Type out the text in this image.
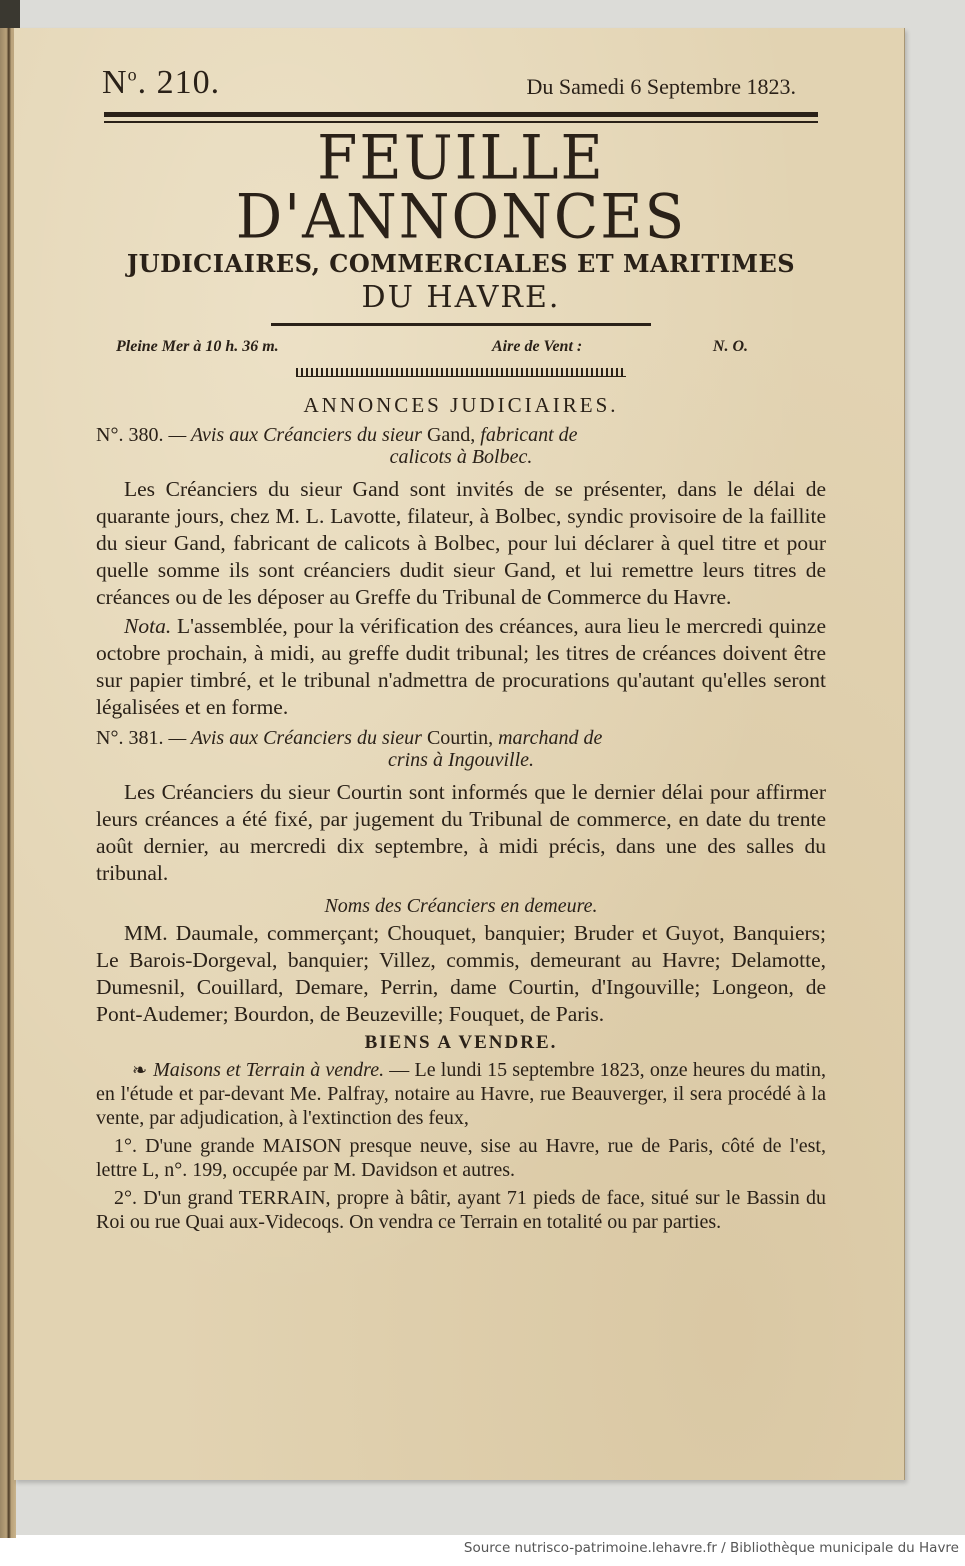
$N^o$. 210.	Du Samedi 6 Septembre 1823.
FEUILLE D'ANNONCES
JUDICIAIRES, COMMERCIALES ET MARITIMES
DU HAVRE.
Pleine Mer à 10 h. 36 m.	Aire de Vent :	N. O.
ANNONCES JUDICIAIRES.
N°. 380. — Avis aux Créanciers du sieur Gand, fabricant de
calicots à Bolbec.

Les Créanciers du sieur Gand sont invités de se présenter, dans le délai de quarante jours, chez M. L. Lavotte, filateur, à Bolbec, syndic provisoire de la faillite du sieur Gand, fabricant de calicots à Bolbec, pour lui déclarer à quel titre et pour quelle somme ils sont créanciers dudit sieur Gand, et lui remettre leurs titres de créances ou de les déposer au Greffe du Tribunal de Commerce du Havre.

Nota. L'assemblée, pour la vérification des créances, aura lieu le mercredi quinze octobre prochain, à midi, au greffe dudit tribunal; les titres de créances doivent être sur papier timbré, et le tribunal n'admettra de procurations qu'autant qu'elles seront légalisées et en forme.

N°. 381. — Avis aux Créanciers du sieur Courtin, marchand de
crins à Ingouville.

Les Créanciers du sieur Courtin sont informés que le dernier délai pour affirmer leurs créances a été fixé, par jugement du Tribunal de commerce, en date du trente août dernier, au mercredi dix septembre, à midi précis, dans une des salles du tribunal.

Noms des Créanciers en demeure.

MM. Daumale, commerçant; Chouquet, banquier; Bruder et Guyot, Banquiers; Le Barois-Dorgeval, banquier; Villez, commis, demeurant au Havre; Delamotte, Dumesnil, Couillard, Demare, Perrin, dame Courtin, d'Ingouville; Longeon, de Pont-Audemer; Bourdon, de Beuzeville; Fouquet, de Paris.

BIENS A VENDRE.

❧ Maisons et Terrain à vendre. — Le lundi 15 septembre 1823, onze heures du matin, en l'étude et par-devant Me. Palfray, notaire au Havre, rue Beauverger, il sera procédé à la vente, par adjudication, à l'extinction des feux,

1°. D'une grande MAISON presque neuve, sise au Havre, rue de Paris, côté de l'est, lettre L, n°. 199, occupée par M. Davidson et autres.

2°. D'un grand TERRAIN, propre à bâtir, ayant 71 pieds de face, situé sur le Bassin du Roi ou rue Quai aux-Videcoqs. On vendra ce Terrain en totalité ou par parties.

Source nutrisco-patrimoine.lehavre.fr / Bibliothèque municipale du Havre
